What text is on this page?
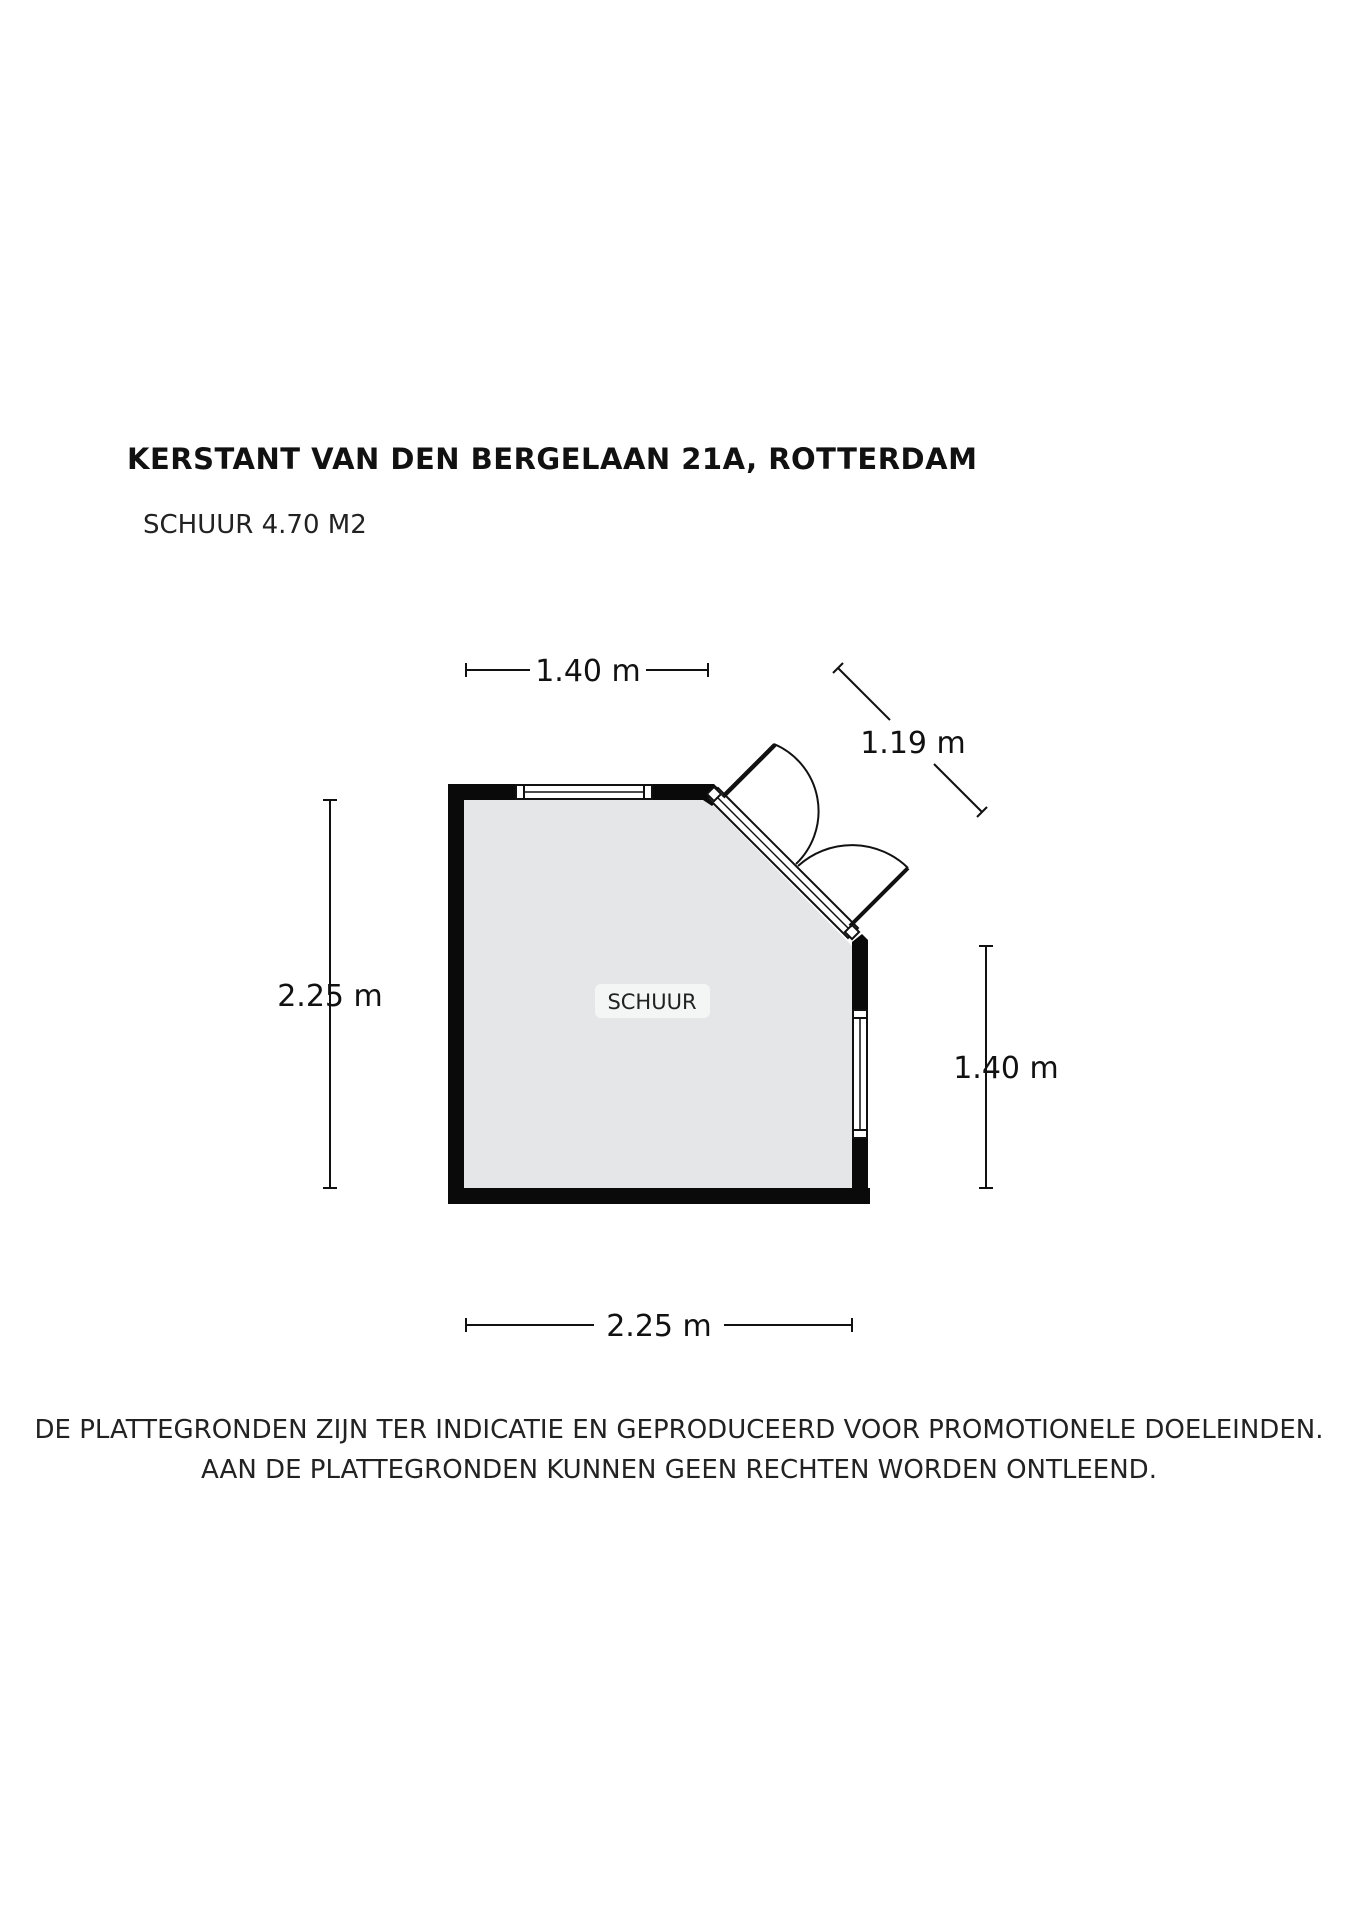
KERSTANT VAN DEN BERGELAAN 21A, ROTTERDAM
SCHUUR 4.70 M2
SCHUUR
1.40 m
1.19 m
2.25 m
1.40 m
2.25 m
DE PLATTEGRONDEN ZIJN TER INDICATIE EN GEPRODUCEERD VOOR PROMOTIONELE DOELEINDEN.
AAN DE PLATTEGRONDEN KUNNEN GEEN RECHTEN WORDEN ONTLEEND.
